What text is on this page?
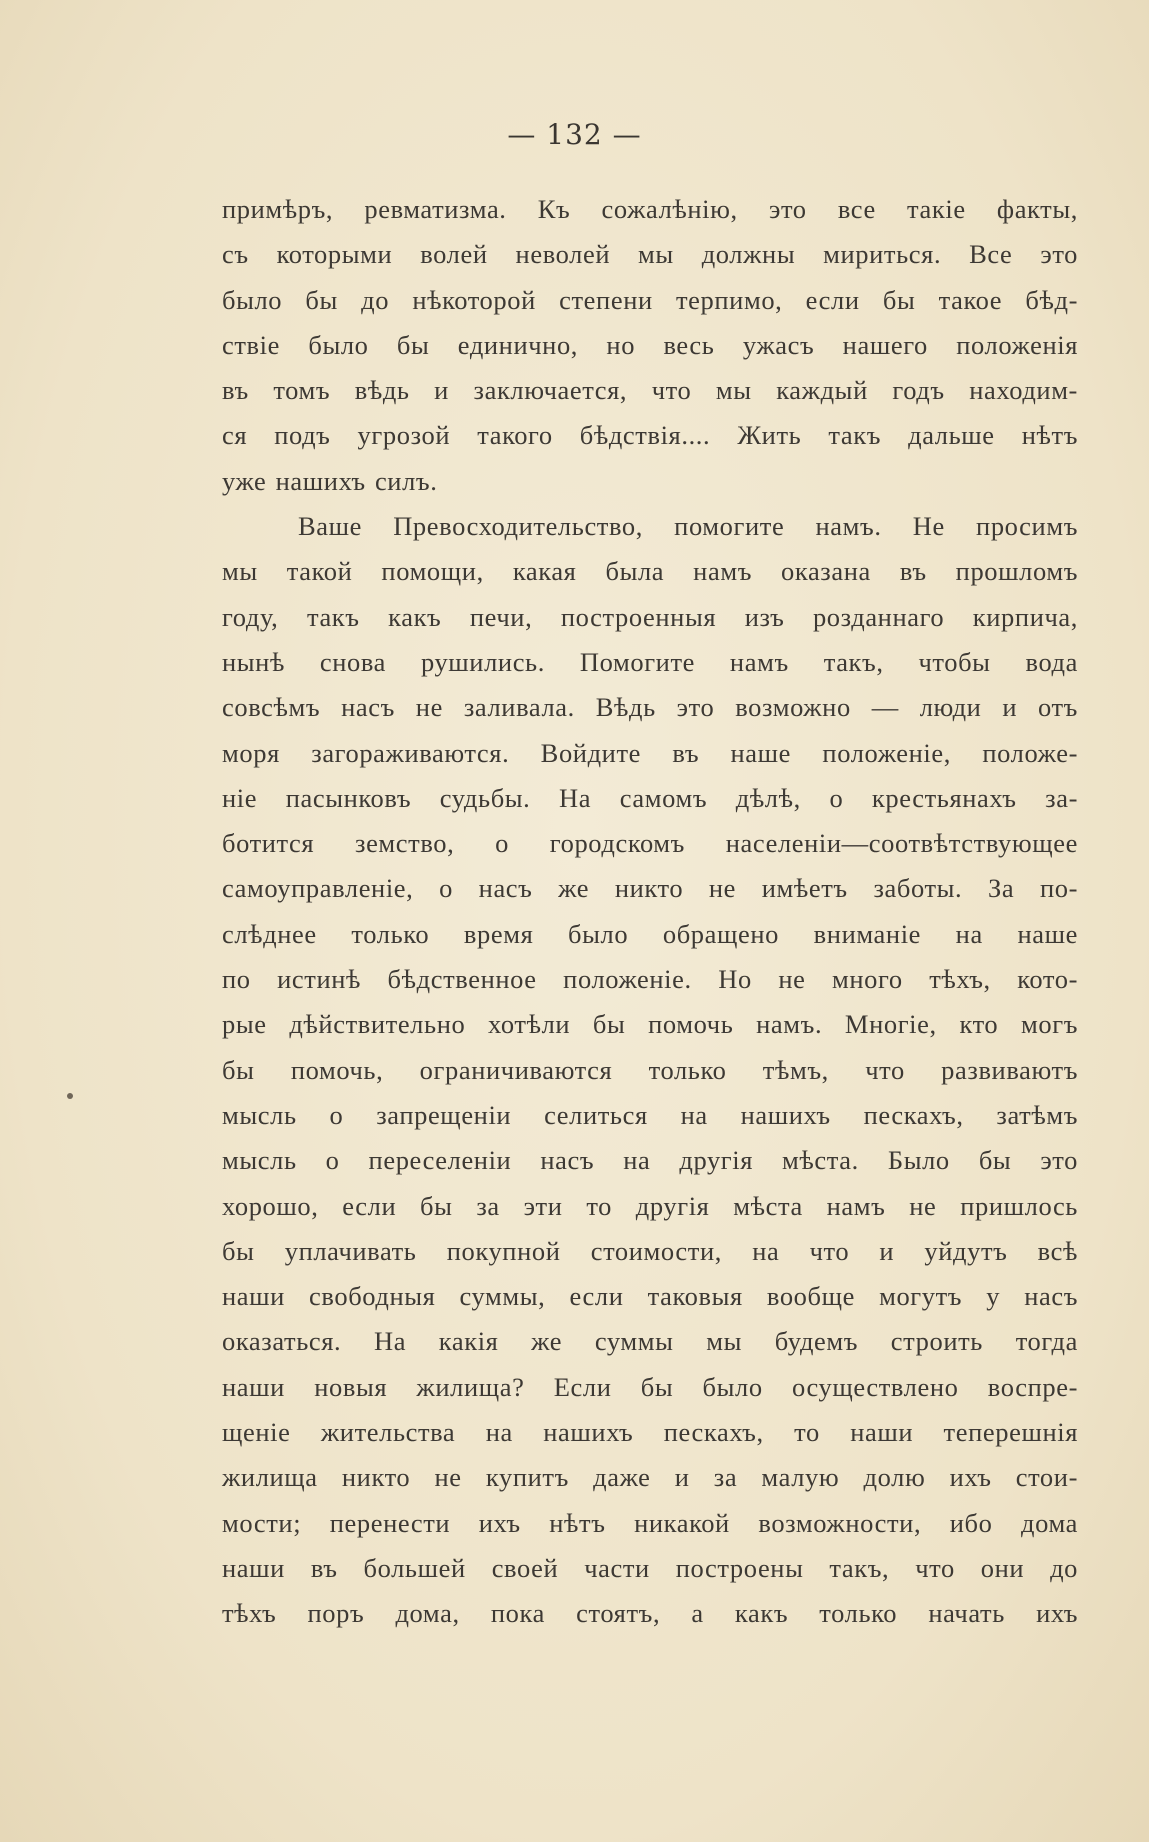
— 132 —
примѣръ, ревматизма. Къ сожалѣнію, это все такіе факты,
съ которыми волей неволей мы должны мириться. Все это
было бы до нѣкоторой степени терпимо, если бы такое бѣд-
ствіе было бы единично, но весь ужасъ нашего положенія
въ томъ вѣдь и заключается, что мы каждый годъ находим-
ся подъ угрозой такого бѣдствія.... Жить такъ дальше нѣтъ
уже нашихъ силъ.
Ваше Превосходительство, помогите намъ. Не просимъ
мы такой помощи, какая была намъ оказана въ прошломъ
году, такъ какъ печи, построенныя изъ розданнаго кирпича,
нынѣ снова рушились. Помогите намъ такъ, чтобы вода
совсѣмъ насъ не заливала. Вѣдь это возможно — люди и отъ
моря загораживаются. Войдите въ наше положеніе, положе-
ніе пасынковъ судьбы. На самомъ дѣлѣ, о крестьянахъ за-
ботится земство, о городскомъ населеніи—соотвѣтствующее
самоуправленіе, о насъ же никто не имѣетъ заботы. За по-
слѣднее только время было обращено вниманіе на наше
по истинѣ бѣдственное положеніе. Но не много тѣхъ, кото-
рые дѣйствительно хотѣли бы помочь намъ. Многіе, кто могъ
бы помочь, ограничиваются только тѣмъ, что развиваютъ
мысль о запрещеніи селиться на нашихъ пескахъ, затѣмъ
мысль о переселеніи насъ на другія мѣста. Было бы это
хорошо, если бы за эти то другія мѣста намъ не пришлось
бы уплачивать покупной стоимости, на что и уйдутъ всѣ
наши свободныя суммы, если таковыя вообще могутъ у насъ
оказаться. На какія же суммы мы будемъ строить тогда
наши новыя жилища? Если бы было осуществлено воспре-
щеніе жительства на нашихъ пескахъ, то наши теперешнія
жилища никто не купитъ даже и за малую долю ихъ стои-
мости; перенести ихъ нѣтъ никакой возможности, ибо дома
наши въ большей своей части построены такъ, что они до
тѣхъ поръ дома, пока стоятъ, а какъ только начать ихъ
